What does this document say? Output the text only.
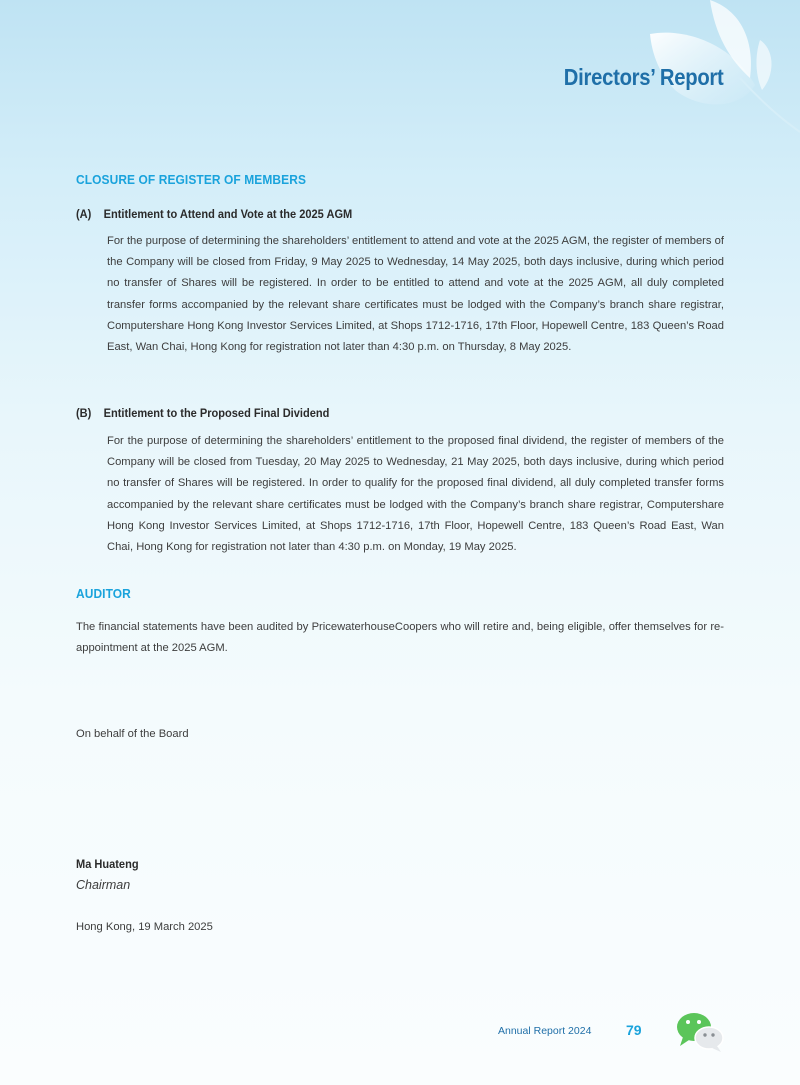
Directors’ Report
CLOSURE OF REGISTER OF MEMBERS
(A) Entitlement to Attend and Vote at the 2025 AGM
For the purpose of determining the shareholders’ entitlement to attend and vote at the 2025 AGM, the register of members of the Company will be closed from Friday, 9 May 2025 to Wednesday, 14 May 2025, both days inclusive, during which period no transfer of Shares will be registered. In order to be entitled to attend and vote at the 2025 AGM, all duly completed transfer forms accompanied by the relevant share certificates must be lodged with the Company’s branch share registrar, Computershare Hong Kong Investor Services Limited, at Shops 1712-1716, 17th Floor, Hopewell Centre, 183 Queen’s Road East, Wan Chai, Hong Kong for registration not later than 4:30 p.m. on Thursday, 8 May 2025.
(B) Entitlement to the Proposed Final Dividend
For the purpose of determining the shareholders’ entitlement to the proposed final dividend, the register of members of the Company will be closed from Tuesday, 20 May 2025 to Wednesday, 21 May 2025, both days inclusive, during which period no transfer of Shares will be registered. In order to qualify for the proposed final dividend, all duly completed transfer forms accompanied by the relevant share certificates must be lodged with the Company’s branch share registrar, Computershare Hong Kong Investor Services Limited, at Shops 1712-1716, 17th Floor, Hopewell Centre, 183 Queen’s Road East, Wan Chai, Hong Kong for registration not later than 4:30 p.m. on Monday, 19 May 2025.
AUDITOR
The financial statements have been audited by PricewaterhouseCoopers who will retire and, being eligible, offer themselves for re-appointment at the 2025 AGM.
On behalf of the Board
Ma Huateng
Chairman
Hong Kong, 19 March 2025
Annual Report 2024 79
